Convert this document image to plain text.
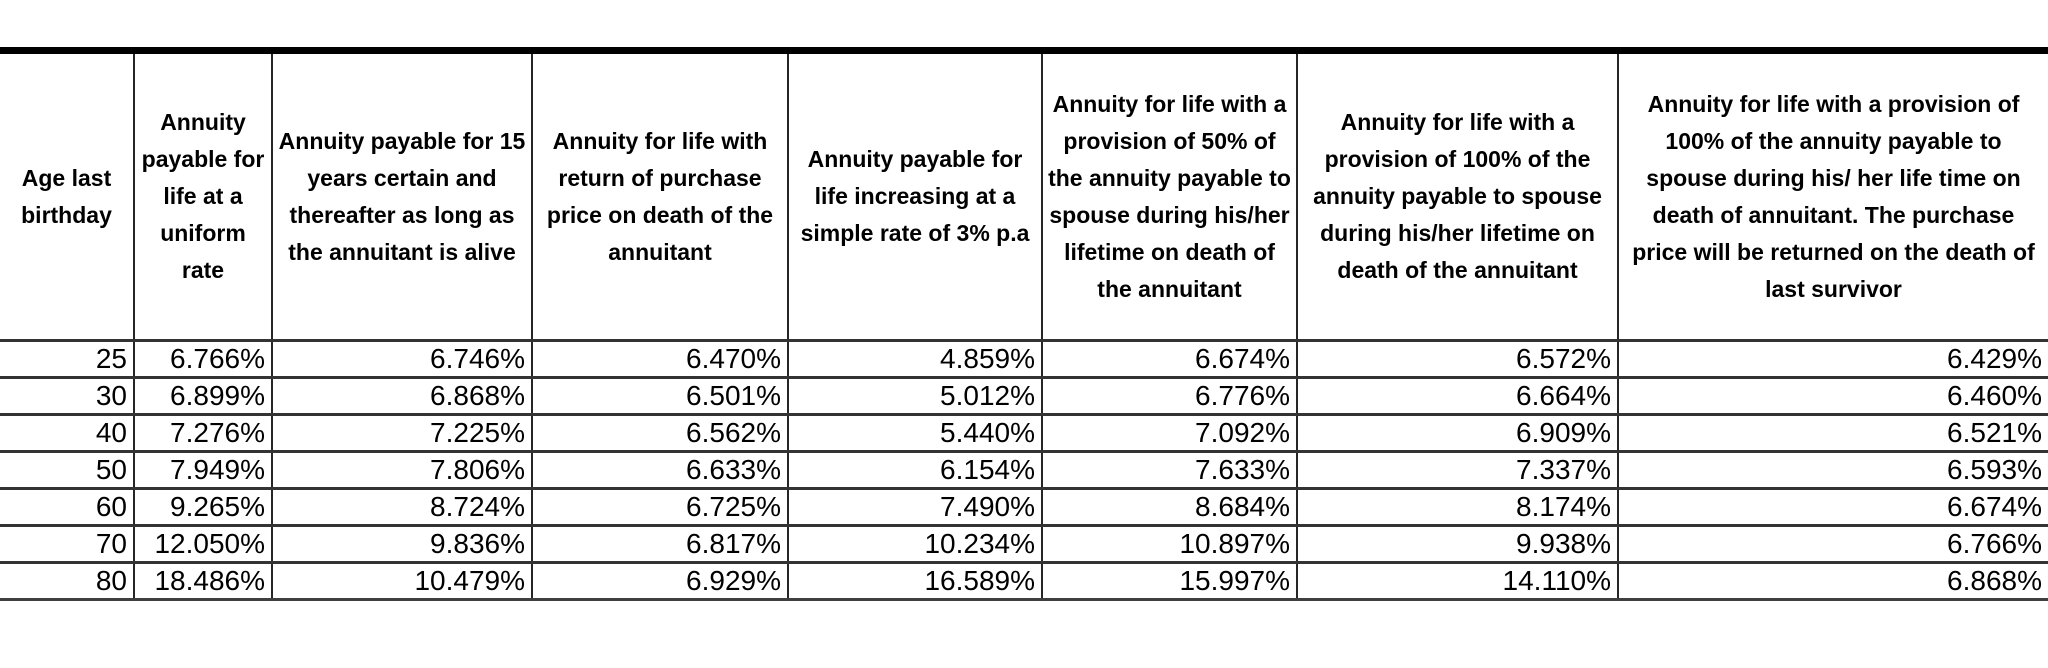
Age last birthday	Annuity payable for life at a uniform rate	Annuity payable for 15 years certain and thereafter as long as the annuitant is alive	Annuity for life with return of purchase price on death of the annuitant	Annuity payable for life increasing at a simple rate of 3% p.a	Annuity for life with a provision of 50% of the annuity payable to spouse during his/her lifetime on death of the annuitant	Annuity for life with a provision of 100% of the annuity payable to spouse during his/her lifetime on death of the annuitant	Annuity for life with a provision of 100% of the annuity payable to spouse during his/ her life time on death of annuitant. The purchase price will be returned on the death of last survivor
25	6.766%	6.746%	6.470%	4.859%	6.674%	6.572%	6.429%
30	6.899%	6.868%	6.501%	5.012%	6.776%	6.664%	6.460%
40	7.276%	7.225%	6.562%	5.440%	7.092%	6.909%	6.521%
50	7.949%	7.806%	6.633%	6.154%	7.633%	7.337%	6.593%
60	9.265%	8.724%	6.725%	7.490%	8.684%	8.174%	6.674%
70	12.050%	9.836%	6.817%	10.234%	10.897%	9.938%	6.766%
80	18.486%	10.479%	6.929%	16.589%	15.997%	14.110%	6.868%
